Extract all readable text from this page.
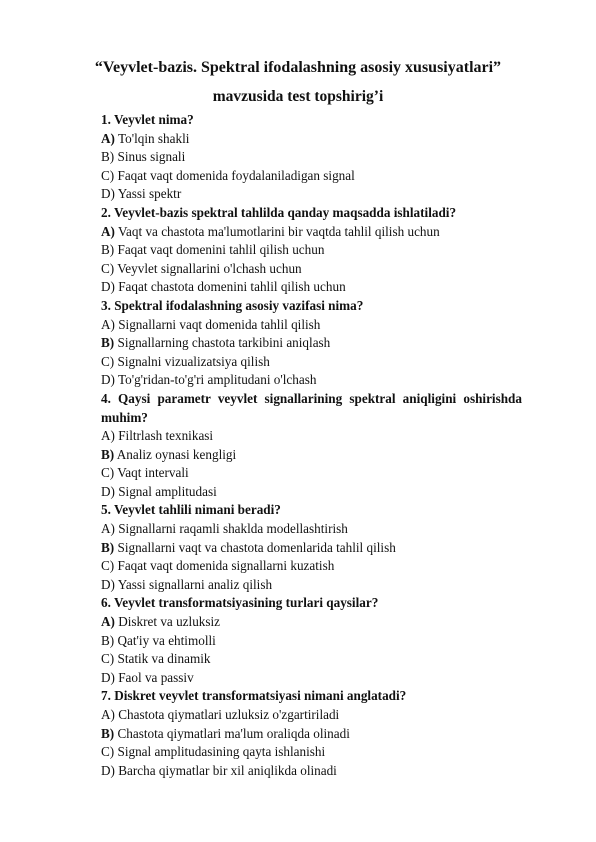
“Veyvlet-bazis. Spektral ifodalashning asosiy xususiyatlari”
mavzusida test topshirig’i

1. Veyvlet nima?

A) To'lqin shakli

B) Sinus signali

C) Faqat vaqt domenida foydalaniladigan signal

D) Yassi spektr

2. Veyvlet-bazis spektral tahlilda qanday maqsadda ishlatiladi?

A) Vaqt va chastota ma'lumotlarini bir vaqtda tahlil qilish uchun

B) Faqat vaqt domenini tahlil qilish uchun

C) Veyvlet signallarini o'lchash uchun

D) Faqat chastota domenini tahlil qilish uchun

3. Spektral ifodalashning asosiy vazifasi nima?

A) Signallarni vaqt domenida tahlil qilish

B) Signallarning chastota tarkibini aniqlash

C) Signalni vizualizatsiya qilish

D) To'g'ridan-to'g'ri amplitudani o'lchash

4. Qaysi parametr veyvlet signallarining spektral aniqligini oshirishda muhim?

A) Filtrlash texnikasi

B) Analiz oynasi kengligi

C) Vaqt intervali

D) Signal amplitudasi

5. Veyvlet tahlili nimani beradi?

A) Signallarni raqamli shaklda modellashtirish

B) Signallarni vaqt va chastota domenlarida tahlil qilish

C) Faqat vaqt domenida signallarni kuzatish

D) Yassi signallarni analiz qilish

6. Veyvlet transformatsiyasining turlari qaysilar?

A) Diskret va uzluksiz

B) Qat'iy va ehtimolli

C) Statik va dinamik

D) Faol va passiv

7. Diskret veyvlet transformatsiyasi nimani anglatadi?

A) Chastota qiymatlari uzluksiz o'zgartiriladi

B) Chastota qiymatlari ma'lum oraliqda olinadi

C) Signal amplitudasining qayta ishlanishi

D) Barcha qiymatlar bir xil aniqlikda olinadi
